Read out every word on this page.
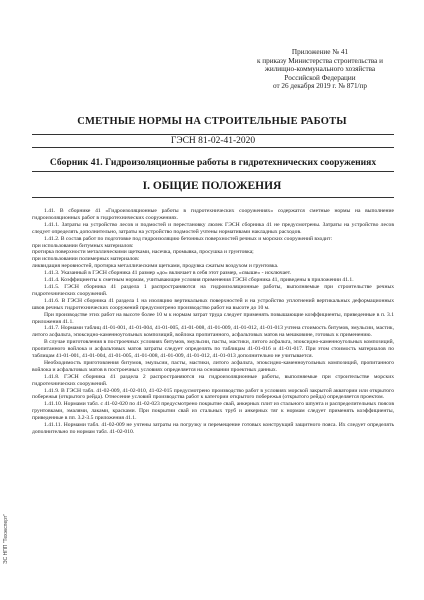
Приложение № 41
к приказу Министерства строительства и
жилищно-коммунального хозяйства
Российской Федерации
от 26 декабря 2019 г. № 871/пр
СМЕТНЫЕ НОРМЫ НА СТРОИТЕЛЬНЫЕ РАБОТЫ
ГЭСН 81-02-41-2020
Сборник 41. Гидроизоляционные работы в гидротехнических сооружениях
I. ОБЩИЕ ПОЛОЖЕНИЯ

1.41. В сборнике 41 «Гидроизоляционные работы в гидротехнических сооружениях» содержатся сметные нормы на выполнение гидроизоляционных работ в гидротехнических сооружениях.

1.41.1. Затраты на устройство лесов и подмостей и перестановку люлек ГЭСН сборника 41 не предусмотрены. Затраты на устройство лесов следует определять дополнительно, затраты на устройство подмостей учтены нормативами накладных расходов.

1.41.2. В состав работ по подготовке под гидроизоляцию бетонных поверхностей речных и морских сооружений входит:

при использовании битумных материалов:

протирка поверхности металлическими щетками, насечка, промывка, просушка и грунтовка;

при использовании полимерных материалов:

ликвидация неровностей, протирка металлическими щетками, продувка сжатым воздухом и грунтовка.

1.41.3. Указанный в ГЭСН сборника 41 размер «до» включает в себя этот размер, «свыше» - исключает.

1.41.4. Коэффициенты к сметным нормам, учитывающие условия применения ГЭСН сборника 41, приведены в приложении 41.1.

1.41.5. ГЭСН сборника 41 раздела 1 распространяются на гидроизоляционные работы, выполняемые при строительстве речных гидротехнических сооружений.

1.41.6. В ГЭСН сборника 41 раздела 1 на изоляцию вертикальных поверхностей и на устройство уплотнений вертикальных деформационных швов речных гидротехнических сооружений предусмотрено производство работ на высоте до 10 м.

При производстве этих работ на высоте более 10 м к нормам затрат труда следует применять повышающие коэффициенты, приведенные в п. 3.1 приложения 41.1.

1.41.7. Нормами таблиц 41-01-001, 41-01-004, 41-01-005, 41-01-008, 41-01-009, 41-01-012, 41-01-013 учтена стоимость битумов, эмульсии, мастик, литого асфальта, эпоксидно-каменноугольных композиций, войлока пропитанного, асфальтовых матов на мешковине, готовых к применению.

В случае приготовления в построечных условиях битумов, эмульсии, пасты, мастики, литого асфальта, эпоксидно-каменноугольных композиций, пропитанного войлока и асфальтовых матов затраты следует определять по таблицам 41-01-016 и 41-01-017. При этом стоимость материалов по таблицам 41-01-001, 41-01-004, 41-01-005, 41-01-008, 41-01-009, 41-01-012, 41-01-013 дополнительно не учитывается.

Необходимость приготовления битумов, эмульсии, пасты, мастики, литого асфальта, эпоксидно-каменноугольных композиций, пропитанного войлока и асфальтовых матов в построечных условиях определяется на основании проектных данных.

1.41.8. ГЭСН сборника 41 раздела 2 распространяются на гидроизоляционные работы, выполняемые при строительстве морских гидротехнических сооружений.

1.41.9. В ГЭСН табл. 41-02-009, 41-02-010, 41-02-015 предусмотрено производство работ в условиях морской закрытой акватории или открытого побережья (открытого рейда). Отнесение условий производства работ к категории открытого побережья (открытого рейда) определяется проектом.

1.41.10. Нормами табл. с 41-02-020 по 41-02-023 предусмотрено покрытие свай, анкерных плит из стального шпунта и распределительных поясов грунтовками, эмалями, лаками, красками. При покрытии свай из стальных труб и анкерных тяг к нормам следует применять коэффициенты, приведенные в пп. 3.2-3.5 приложения 41.1.

1.41.11. Нормами табл. 41-02-009 не учтены затраты на погрузку и перемещение готовых конструкций защитного пояса. Их следует определять дополнительно по нормам табл. 41-02-010.

ЭС НПП "Техэксперт"
